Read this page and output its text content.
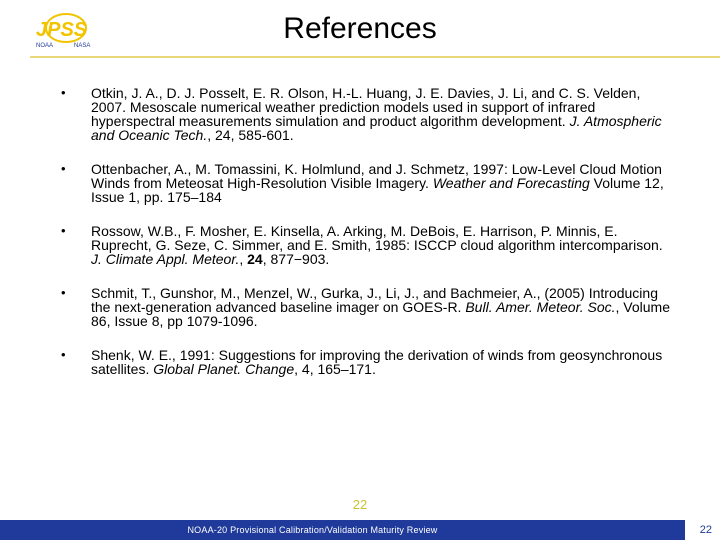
JPSS
NOAA	NASA
References
• Otkin, J. A., D. J. Posselt, E. R. Olson, H.-L. Huang, J. E. Davies, J. Li, and C. S. Velden, 2007. Mesoscale numerical weather prediction models used in support of infrared hyperspectral measurements simulation and product algorithm development. J. Atmospheric and Oceanic Tech., 24, 585-601.
• Ottenbacher, A., M. Tomassini, K. Holmlund, and J. Schmetz, 1997: Low-Level Cloud Motion Winds from Meteosat High-Resolution Visible Imagery. Weather and Forecasting Volume 12, Issue 1, pp. 175–184
• Rossow, W.B., F. Mosher, E. Kinsella, A. Arking, M. DeBois, E. Harrison, P. Minnis, E. Ruprecht, G. Seze, C. Simmer, and E. Smith, 1985: ISCCP cloud algorithm intercomparison. J. Climate Appl. Meteor., 24, 877−903.
• Schmit, T., Gunshor, M., Menzel, W., Gurka, J., Li, J., and Bachmeier, A., (2005) Introducing the next-generation advanced baseline imager on GOES-R. Bull. Amer. Meteor. Soc., Volume 86, Issue 8, pp 1079-1096.
• Shenk, W. E., 1991: Suggestions for improving the derivation of winds from geosynchronous satellites. Global Planet. Change, 4, 165–171.
22
NOAA-20 Provisional Calibration/Validation Maturity Review	22
